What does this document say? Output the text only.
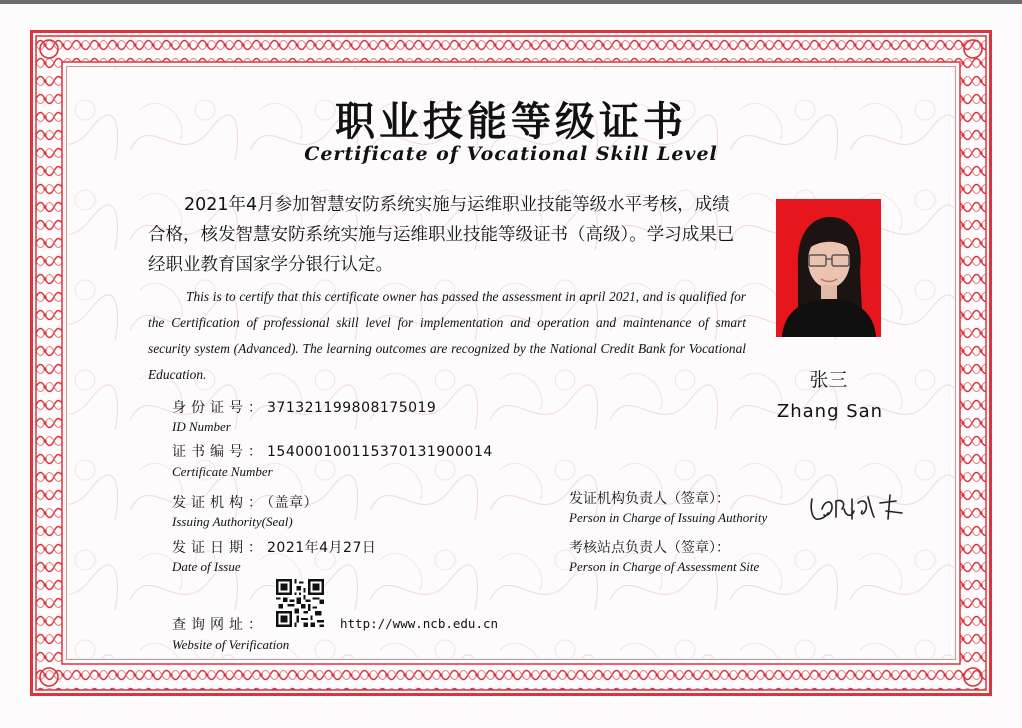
职业技能等级证书
Certificate of Vocational Skill Level
2021年4月参加智慧安防系统实施与运维职业技能等级水平考核，成绩合格，核发智慧安防系统实施与运维职业技能等级证书（高级）。学习成果已经职业教育国家学分银行认定。
This is to certify that this certificate owner has passed the assessment in april 2021, and is qualified for the Certification of professional skill level for implementation and operation and maintenance of smart security system (Advanced). The learning outcomes are recognized by the National Credit Bank for Vocational Education.	张三
Zhang San
身份证号：371321199808175019
ID Number
证书编号：1540001001153701319000​14
Certificate Number
发证机构：（盖章）
Issuing Authority(Seal)
发证日期：2021年4月27日
Date of Issue
查询网址：
Website of Verification
http://www.ncb.edu.cn
发证机构负责人（签章）：
Person in Charge of Issuing Authority
考核站点负责人（签章）：
Person in Charge of Assessment Site
